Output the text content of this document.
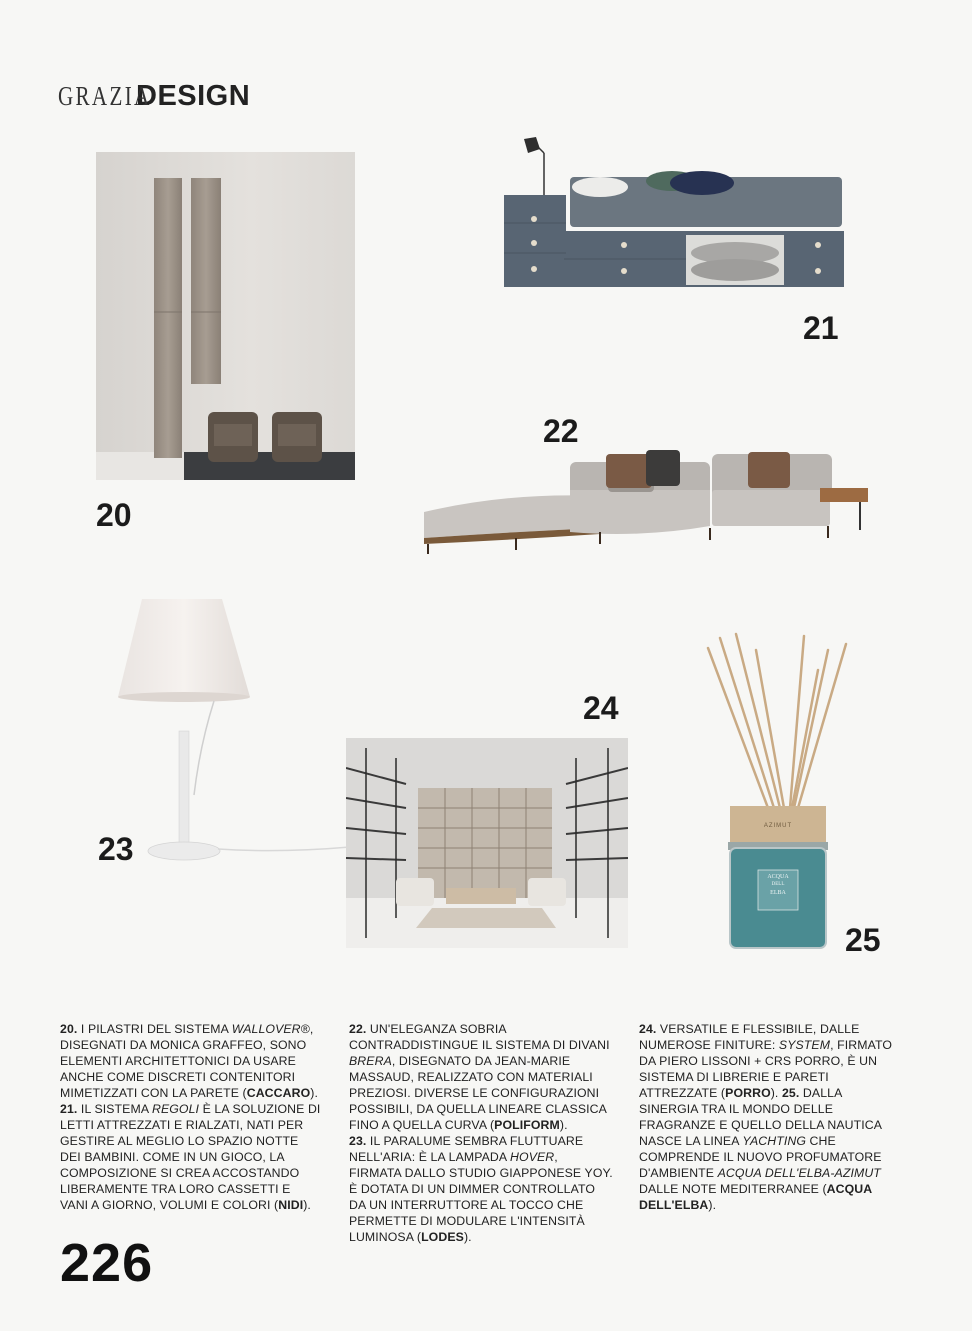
GRAZIADESIGN
20
21
22
23
24
AZIMUT
ACQUA
DELL
ELBA
25

20. I PILASTRI DEL SISTEMA WALLOVER®, DISEGNATI DA MONICA GRAFFEO, SONO ELEMENTI ARCHITETTONICI DA USARE ANCHE COME DISCRETI CONTENITORI MIMETIZZATI CON LA PARETE (CACCARO).

21. IL SISTEMA REGOLI È LA SOLUZIONE DI LETTI ATTREZZATI E RIALZATI, NATI PER GESTIRE AL MEGLIO LO SPAZIO NOTTE DEI BAMBINI. COME IN UN GIOCO, LA COMPOSIZIONE SI CREA ACCOSTANDO LIBERAMENTE TRA LORO CASSETTI E VANI A GIORNO, VOLUMI E COLORI (NIDI).

22. UN'ELEGANZA SOBRIA CONTRADDISTINGUE IL SISTEMA DI DIVANI BRERA, DISEGNATO DA JEAN-MARIE MASSAUD, REALIZZATO CON MATERIALI PREZIOSI. DIVERSE LE CONFIGURAZIONI POSSIBILI, DA QUELLA LINEARE CLASSICA FINO A QUELLA CURVA (POLIFORM).

23. IL PARALUME SEMBRA FLUTTUARE NELL'ARIA: È LA LAMPADA HOVER, FIRMATA DALLO STUDIO GIAPPONESE YOY. È DOTATA DI UN DIMMER CONTROLLATO DA UN INTERRUTTORE AL TOCCO CHE PERMETTE DI MODULARE L'INTENSITÀ LUMINOSA (LODES).

24. VERSATILE E FLESSIBILE, DALLE NUMEROSE FINITURE: SYSTEM, FIRMATO DA PIERO LISSONI + CRS PORRO, È UN SISTEMA DI LIBRERIE E PARETI ATTREZZATE (PORRO). 25. DALLA SINERGIA TRA IL MONDO DELLE FRAGRANZE E QUELLO DELLA NAUTICA NASCE LA LINEA YACHTING CHE COMPRENDE IL NUOVO PROFUMATORE D'AMBIENTE ACQUA DELL'ELBA-AZIMUT DALLE NOTE MEDITERRANEE (ACQUA DELL'ELBA).

226
